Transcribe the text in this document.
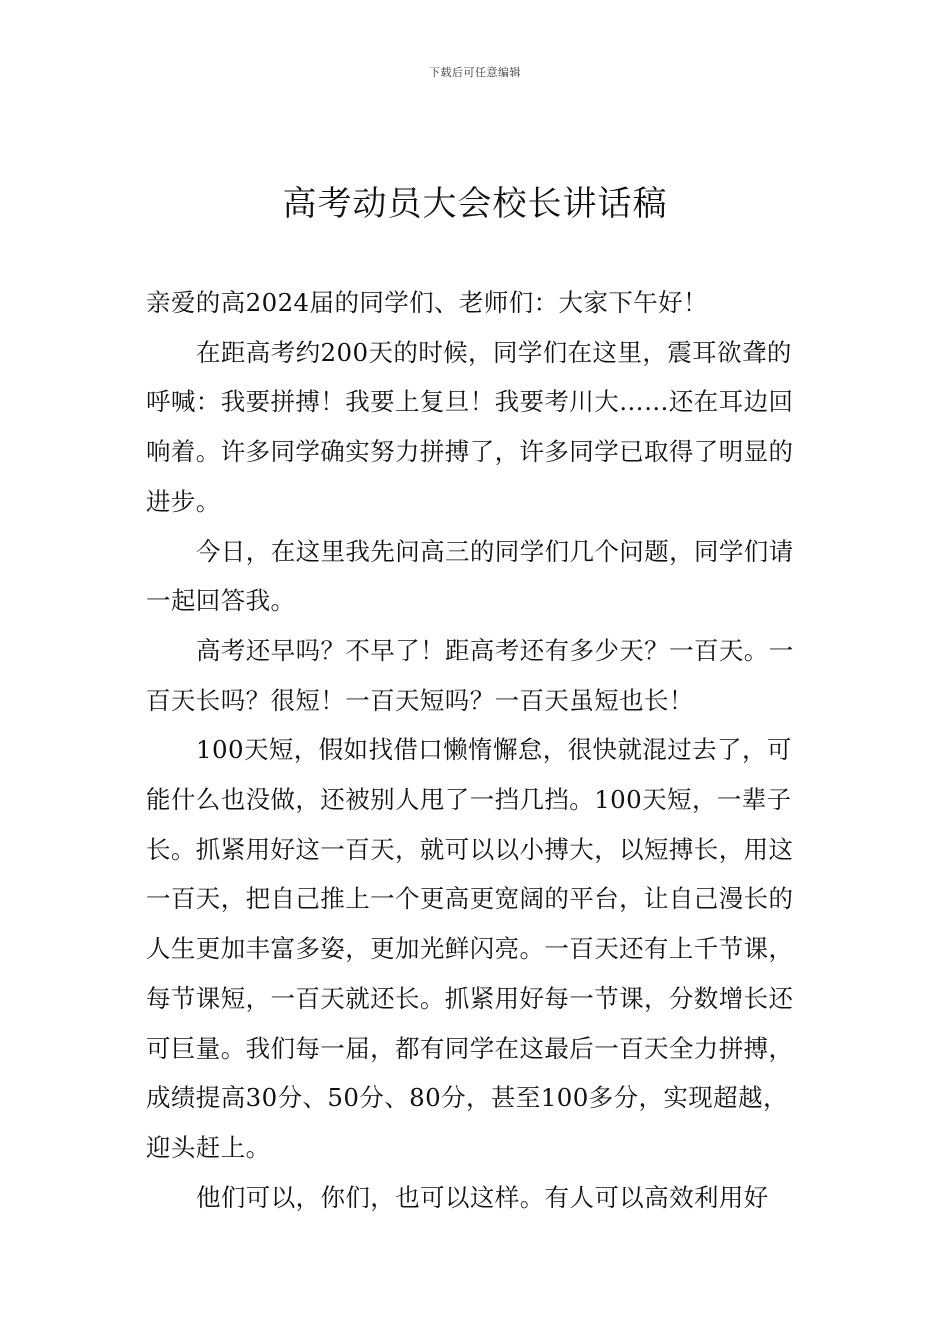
下载后可任意编辑
高考动员大会校长讲话稿

亲爱的高2024届的同学们、老师们：大家下午好！

在距高考约200天的时候，同学们在这里，震耳欲聋的呼喊：我要拼搏！我要上复旦！我要考川大……还在耳边回响着。许多同学确实努力拼搏了，许多同学已取得了明显的进步。

今日，在这里我先问高三的同学们几个问题，同学们请一起回答我。

高考还早吗？不早了！距高考还有多少天？一百天。一百天长吗？很短！一百天短吗？一百天虽短也长！

100天短，假如找借口懒惰懈怠，很快就混过去了，可能什么也没做，还被别人甩了一挡几挡。100天短，一辈子长。抓紧用好这一百天，就可以以小搏大，以短搏长，用这一百天，把自己推上一个更高更宽阔的平台，让自己漫长的人生更加丰富多姿，更加光鲜闪亮。一百天还有上千节课，每节课短，一百天就还长。抓紧用好每一节课，分数增长还可巨量。我们每一届，都有同学在这最后一百天全力拼搏，成绩提高30分、50分、80分，甚至100多分，实现超越，迎头赶上。

他们可以，你们，也可以这样。有人可以高效利用好
